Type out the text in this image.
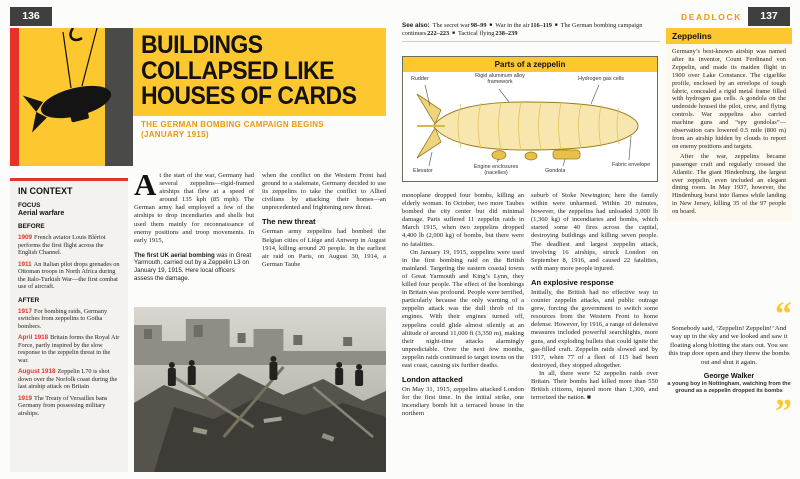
136	DEADLOCK	137
BUILDINGS
COLLAPSED LIKE
HOUSES OF CARDS
THE GERMAN BOMBING CAMPAIGN BEGINS
(JANUARY 1915)
IN CONTEXT
FOCUS
Aerial warfare
BEFORE

1909 French aviator Louis Blériot performs the first flight across the English Channel.

1911 An Italian pilot drops grenades on Ottoman troops in North Africa during the Italo-Turkish War—the first combat use of aircraft.

AFTER

1917 For bombing raids, Germany switches from zeppelins to Gotha bombers.

April 1918 Britain forms the Royal Air Force, partly inspired by the slow response to the zeppelin threat in the war.

August 1918 Zeppelin L70 is shot down over the Norfolk coast during the last airship attack on Britain

1919 The Treaty of Versailles bans Germany from possessing military airships.

At the start of the war, Germany had several zeppelins—rigid-framed airships that flew at a speed of around 135 kph (85 mph). The German army had employed a few of the airships to drop incendiaries and shells but used them mainly for reconnaissance of enemy positions and troop movements. In early 1915,

The first UK aerial bombing was in Great Yarmouth, carried out by a Zeppelin L3 on January 19, 1915. Here local officers assess the damage.

when the conflict on the Western Front had ground to a stalemate, Germany decided to use its zeppelins to take the conflict to Allied civilians by attacking their homes—an unprecedented and frightening new threat.

The new threat

German army zeppelins had bombed the Belgian cities of Liége and Antwerp in August 1914, killing around 20 people. In the earliest air raid on Paris, on August 30, 1914, a German Taube

See also: The secret war98–99 ■ War in the air116–119 ■ The German bombing campaign continues222–223 ■ Tactical flying238–239
Parts of a zeppelin
Rudder	Rigid aluminum alloy framework
Hydrogen gas cells
Elevator
Engine enclosures (nacelles)	Gondola
Fabric envelope

monoplane dropped four bombs, killing an elderly woman. In October, two more Taubes bombed the city center but did minimal damage. Paris suffered 11 zeppelin raids in March 1915, when two zeppelins dropped 4,400 lb (2,000 kg) of bombs, but there were no fatalities.

On January 19, 1915, zeppelins were used in the first bombing raid on the British mainland. Targeting the eastern coastal towns of Great Yarmouth and King’s Lynn, they killed four people. The effect of the bombings in Britain was profound. People were terrified, particularly because the only warning of a zeppelin attack was the dull throb of its engines. With their engines turned off, zeppelins could glide almost silently at an altitude of around 11,000 ft (3,350 m), making their night-time attacks alarmingly unpredictable. Over the next few months, zeppelin raids continued to target towns on the east coast, causing six further deaths.

London attacked

On May 31, 1915, zeppelins attacked London for the first time. In the initial strike, one incendiary bomb hit a terraced house in the northern

suburb of Stoke Newington; here the family within were unharmed. Within 20 minutes, however, the zeppelins had unloaded 3,000 lb (1,360 kg) of incendiaries and bombs, which started some 40 fires across the capital, destroying buildings and killing seven people. The deadliest and largest zeppelin attack, involving 16 airships, struck London on September 8, 1916, and caused 22 fatalities, with many more people injured.

An explosive response

Initially, the British had no effective way to counter zeppelin attacks, and public outrage grew, forcing the government to switch some resources from the Western Front to home defense. However, by 1916, a range of defensive measures included powerful searchlights, more guns, and exploding bullets that could ignite the gas-filled craft. Zeppelin raids slowed and by 1917, when 77 of a fleet of 115 had been destroyed, they stopped altogether.

In all, there were 52 zeppelin raids over Britain. Their bombs had killed more than 550 British citizens, injured more than 1,300, and terrorized the nation. ■

Zeppelins

Germany’s best-known airship was named after its inventor, Count Ferdinand von Zeppelin, and made its maiden flight in 1900 over Lake Constance. The cigarlike profile, enclosed by an envelope of tough fabric, concealed a rigid metal frame filled with hydrogen gas cells. A gondola on the underside housed the pilot, crew, and flying controls. War zeppelins also carried machine guns and “spy gondolas”—observation cars lowered 0.5 mile (800 m) from an airship hidden by clouds to report on enemy positions and targets.

After the war, zeppelins became passenger craft and regularly crossed the Atlantic. The giant Hindenburg, the largest ever zeppelin, even included an elegant dining room. In May 1937, however, the Hindenburg burst into flames while landing in New Jersey, killing 35 of the 97 people on board.

“

Somebody said, ‘Zeppelin! Zeppelin!’ And way up in the sky and we looked and saw it floating along blotting the stars out. You see this trap door open and they threw the bombs out and shut it again.

George Walker

a young boy in Nottingham, watching from the ground as a zeppelin dropped its bombs

”
